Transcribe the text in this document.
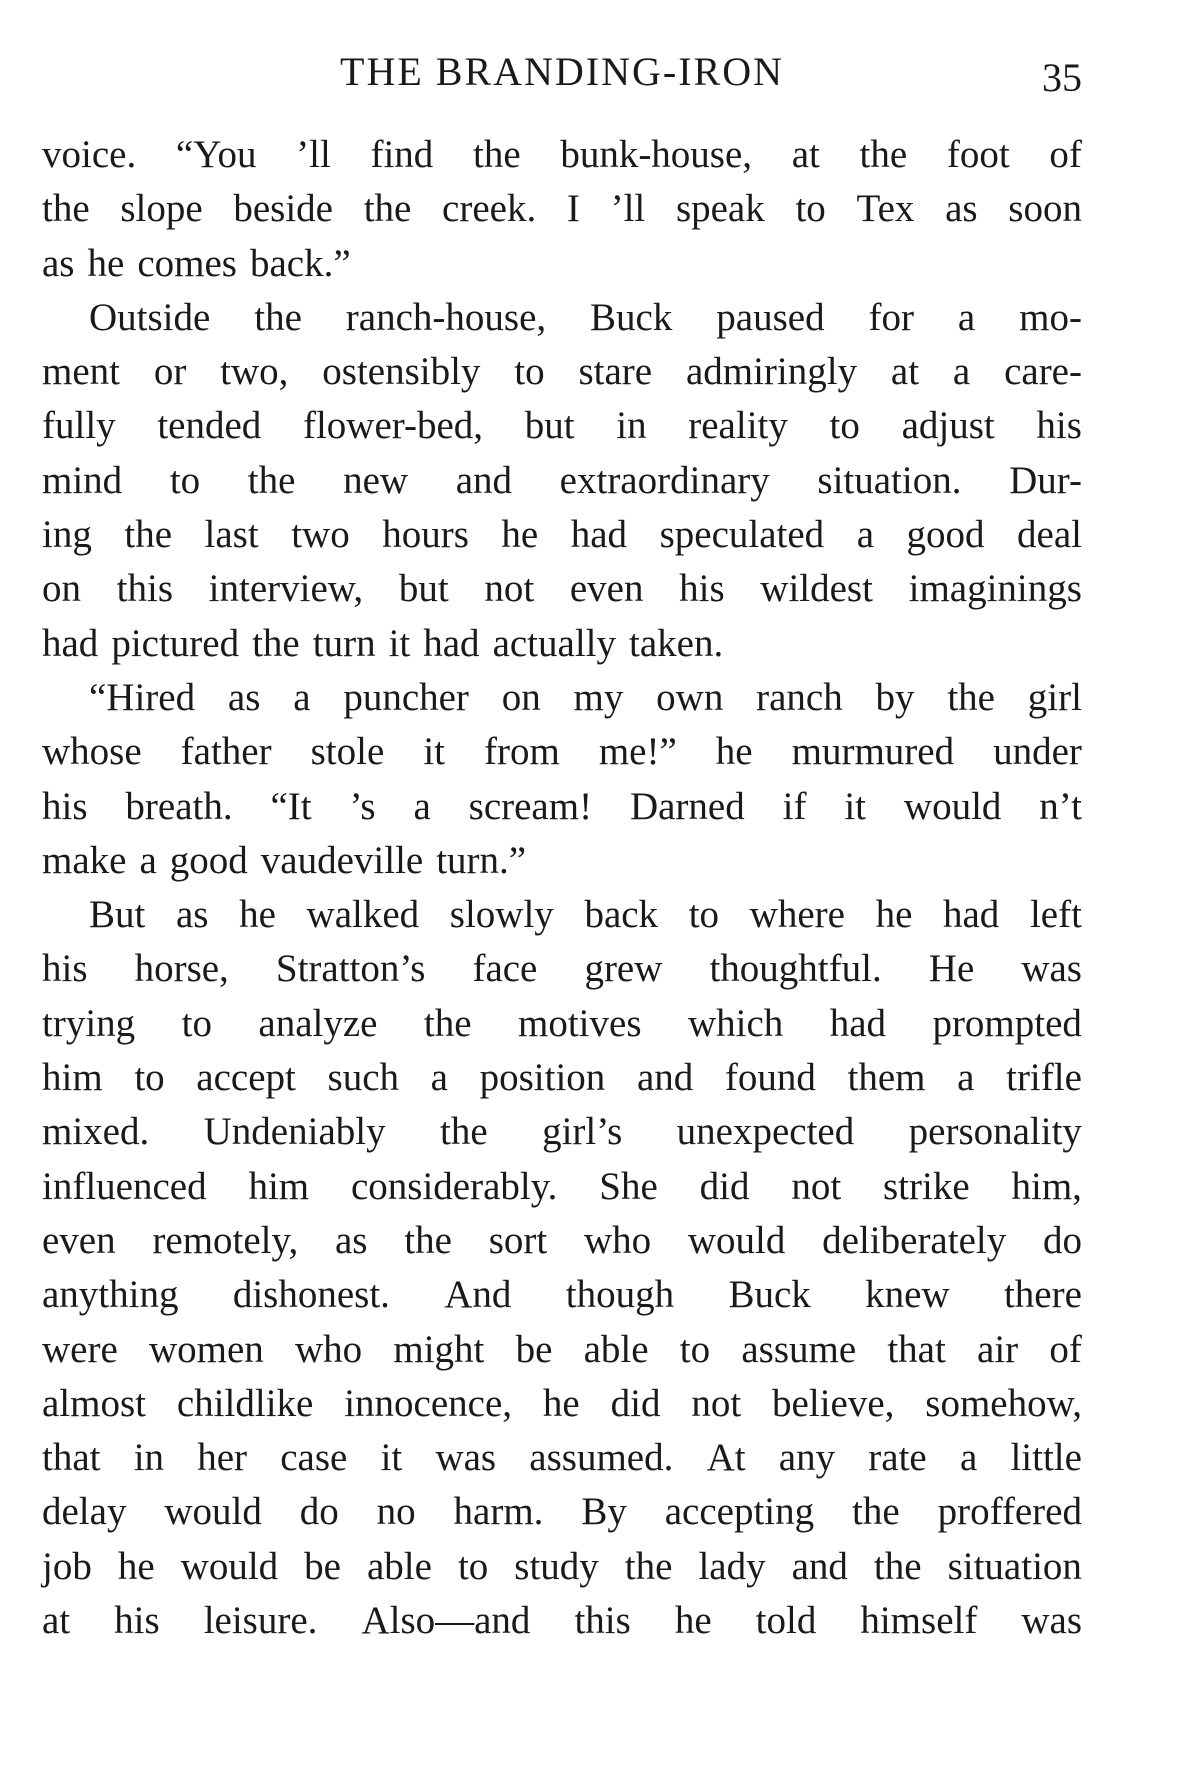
THE BRANDING-IRON	35
voice. “You ’ll find the bunk-house, at the foot of
the slope beside the creek. I ’ll speak to Tex as soon
as he comes back.”
Outside the ranch-house, Buck paused for a mo-
ment or two, ostensibly to stare admiringly at a care-
fully tended flower-bed, but in reality to adjust his
mind to the new and extraordinary situation. Dur-
ing the last two hours he had speculated a good deal
on this interview, but not even his wildest imaginings
had pictured the turn it had actually taken.
“Hired as a puncher on my own ranch by the girl
whose father stole it from me!” he murmured under
his breath. “It ’s a scream! Darned if it would n’t
make a good vaudeville turn.”
But as he walked slowly back to where he had left
his horse, Stratton’s face grew thoughtful. He was
trying to analyze the motives which had prompted
him to accept such a position and found them a trifle
mixed. Undeniably the girl’s unexpected personality
influenced him considerably. She did not strike him,
even remotely, as the sort who would deliberately do
anything dishonest. And though Buck knew there
were women who might be able to assume that air of
almost childlike innocence, he did not believe, somehow,
that in her case it was assumed. At any rate a little
delay would do no harm. By accepting the proffered
job he would be able to study the lady and the situation
at his leisure. Also—and this he told himself was
